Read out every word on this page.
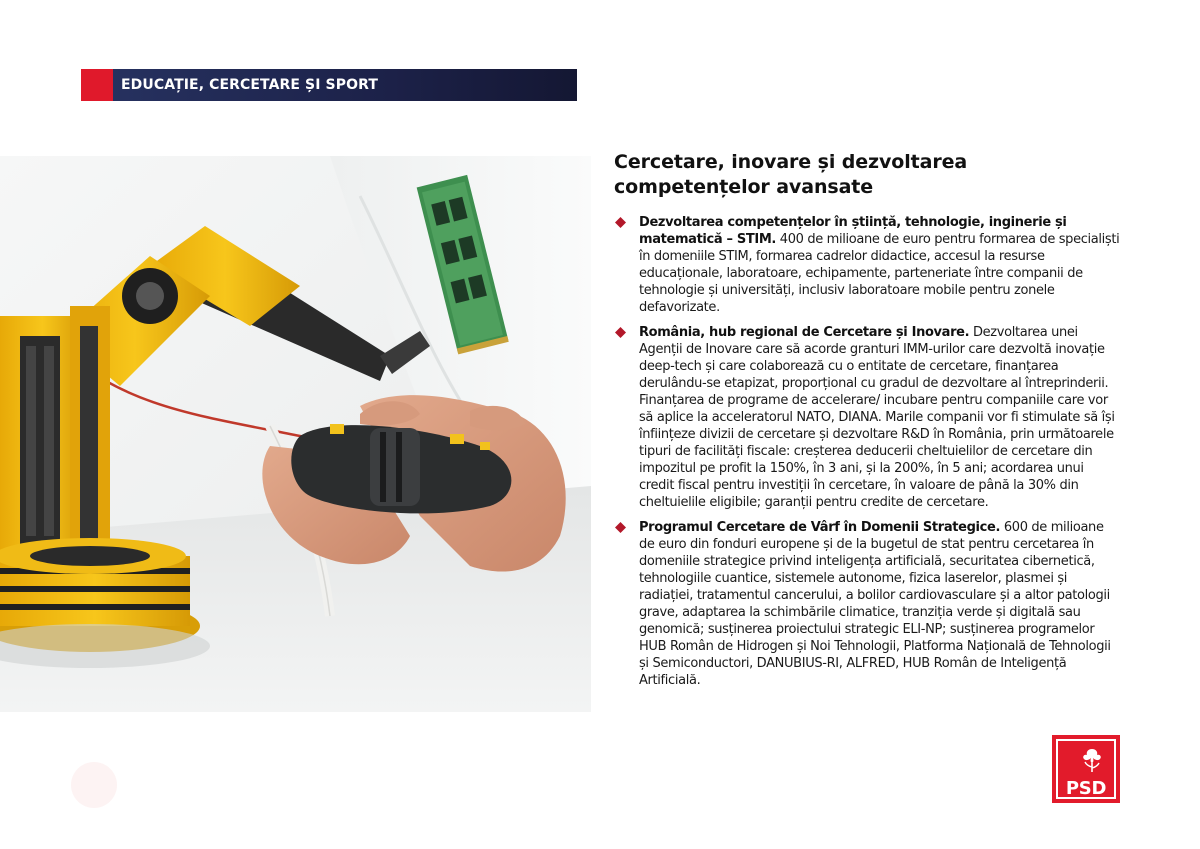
EDUCAȚIE, CERCETARE ȘI SPORT
Cercetare, inovare și dezvoltarea
competențelor avansate
Dezvoltarea competențelor în știință, tehnologie, inginerie și matematică – STIM. 400 de milioane de euro pentru formarea de specialiști în domeniile STIM, formarea cadrelor didactice, accesul la resurse educaționale, laboratoare, echipamente, parteneriate între companii de tehnologie și universități, inclusiv laboratoare mobile pentru zonele defavorizate.
România, hub regional de Cercetare și Inovare. Dezvoltarea unei Agenții de Inovare care să acorde granturi IMM-urilor care dezvoltă inovație deep-tech și care colaborează cu o entitate de cercetare, finanțarea derulându-se etapizat, proporțional cu gradul de dezvoltare al întreprinderii. Finanțarea de programe de accelerare/ incubare pentru companiile care vor să aplice la acceleratorul NATO, DIANA. Marile companii vor fi stimulate să își înființeze divizii de cercetare și dezvoltare R&D în România, prin următoarele tipuri de facilități fiscale: creșterea deducerii cheltuielilor de cercetare din impozitul pe profit la 150%, în 3 ani, și la 200%, în 5 ani; acordarea unui credit fiscal pentru investiții în cercetare, în valoare de până la 30% din cheltuielile eligibile; garanții pentru credite de cercetare.
Programul Cercetare de Vârf în Domenii Strategice. 600 de milioane de euro din fonduri europene și de la bugetul de stat pentru cercetarea în domeniile strategice privind inteligența artificială, securitatea cibernetică, tehnologiile cuantice, sistemele autonome, fizica laserelor, plasmei și radiației, tratamentul cancerului, a bolilor cardiovasculare și a altor patologii grave, adaptarea la schimbările climatice, tranziția verde și digitală sau genomică; susținerea proiectului strategic ELI-NP; susținerea programelor HUB Român de Hidrogen și Noi Tehnologii, Platforma Națională de Tehnologii și Semiconductori, DANUBIUS-RI, ALFRED, HUB Român de Inteligență Artificială.
PSD
